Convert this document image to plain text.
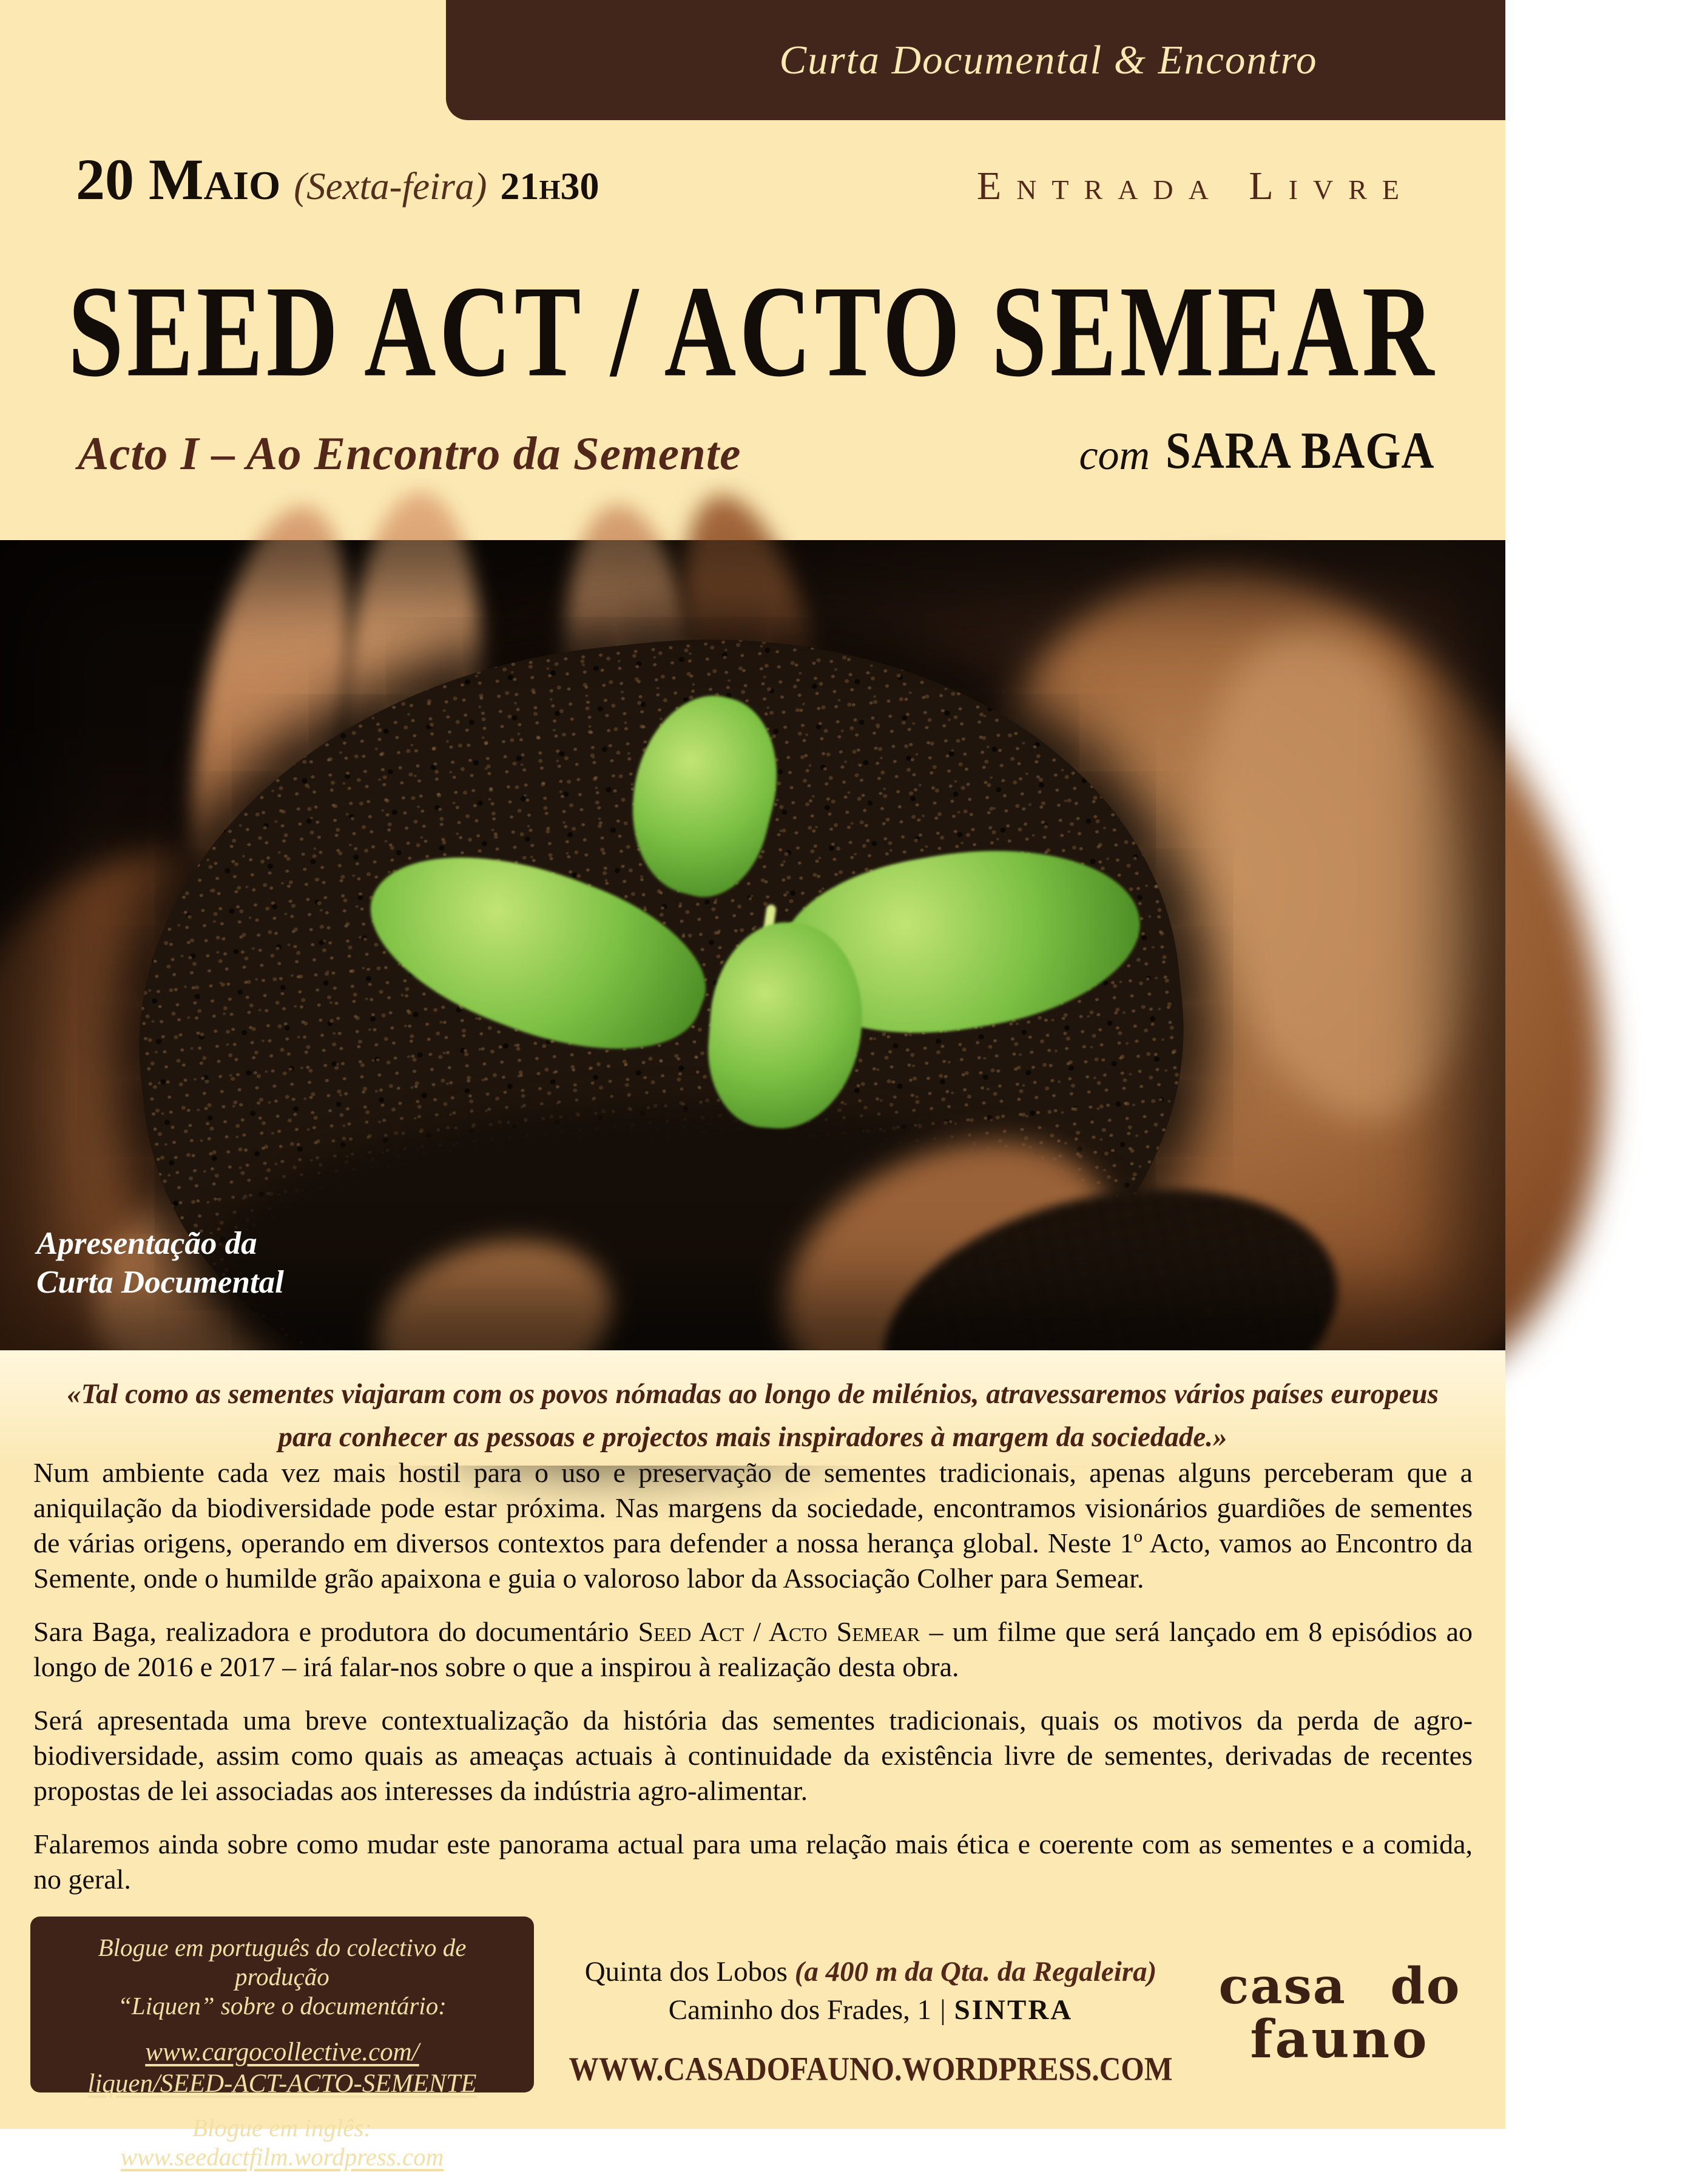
Curta Documental & Encontro
20 Maio (Sexta-feira) 21h30	Entrada Livre
SEED ACT / ACTO SEMEAR
Acto I – Ao Encontro da Semente	com SARA BAGA
Apresentação da
Curta Documental
«Tal como as sementes viajaram com os povos nómadas ao longo de milénios, atravessaremos vários países europeus para conhecer as pessoas e projectos mais inspiradores à margem da sociedade.»

Num ambiente cada vez mais hostil para o uso e preservação de sementes tradicionais, apenas alguns perceberam que a aniquilação da biodiversidade pode estar próxima. Nas margens da sociedade, encontramos visionários guardiões de sementes de várias origens, operando em diversos contextos para defender a nossa herança global. Neste 1º Acto, vamos ao Encontro da Semente, onde o humilde grão apaixona e guia o valoroso labor da Associação Colher para Semear.

Sara Baga, realizadora e produtora do documentário Seed Act / Acto Semear – um filme que será lançado em 8 episódios ao longo de 2016 e 2017 – irá falar-nos sobre o que a inspirou à realização desta obra.

Será apresentada uma breve contextualização da história das sementes tradicionais, quais os motivos da perda de agro-biodiversidade, assim como quais as ameaças actuais à continuidade da existência livre de sementes, derivadas de recentes propostas de lei associadas aos interesses da indústria agro-alimentar.

Falaremos ainda sobre como mudar este panorama actual para uma relação mais ética e coerente com as sementes e a comida, no geral.

Blogue em português do colectivo de produção
“Liquen” sobre o documentário:
www.cargocollective.com/
liquen/SEED-ACT-ACTO-SEMENTE
Blogue em inglês: www.seedactfilm.wordpress.com
Quinta dos Lobos (a 400 m da Qta. da Regaleira)
Caminho dos Frades, 1 | SINTRA
WWW.CASADOFAUNO.WORDPRESS.COM
casa do
fauno
